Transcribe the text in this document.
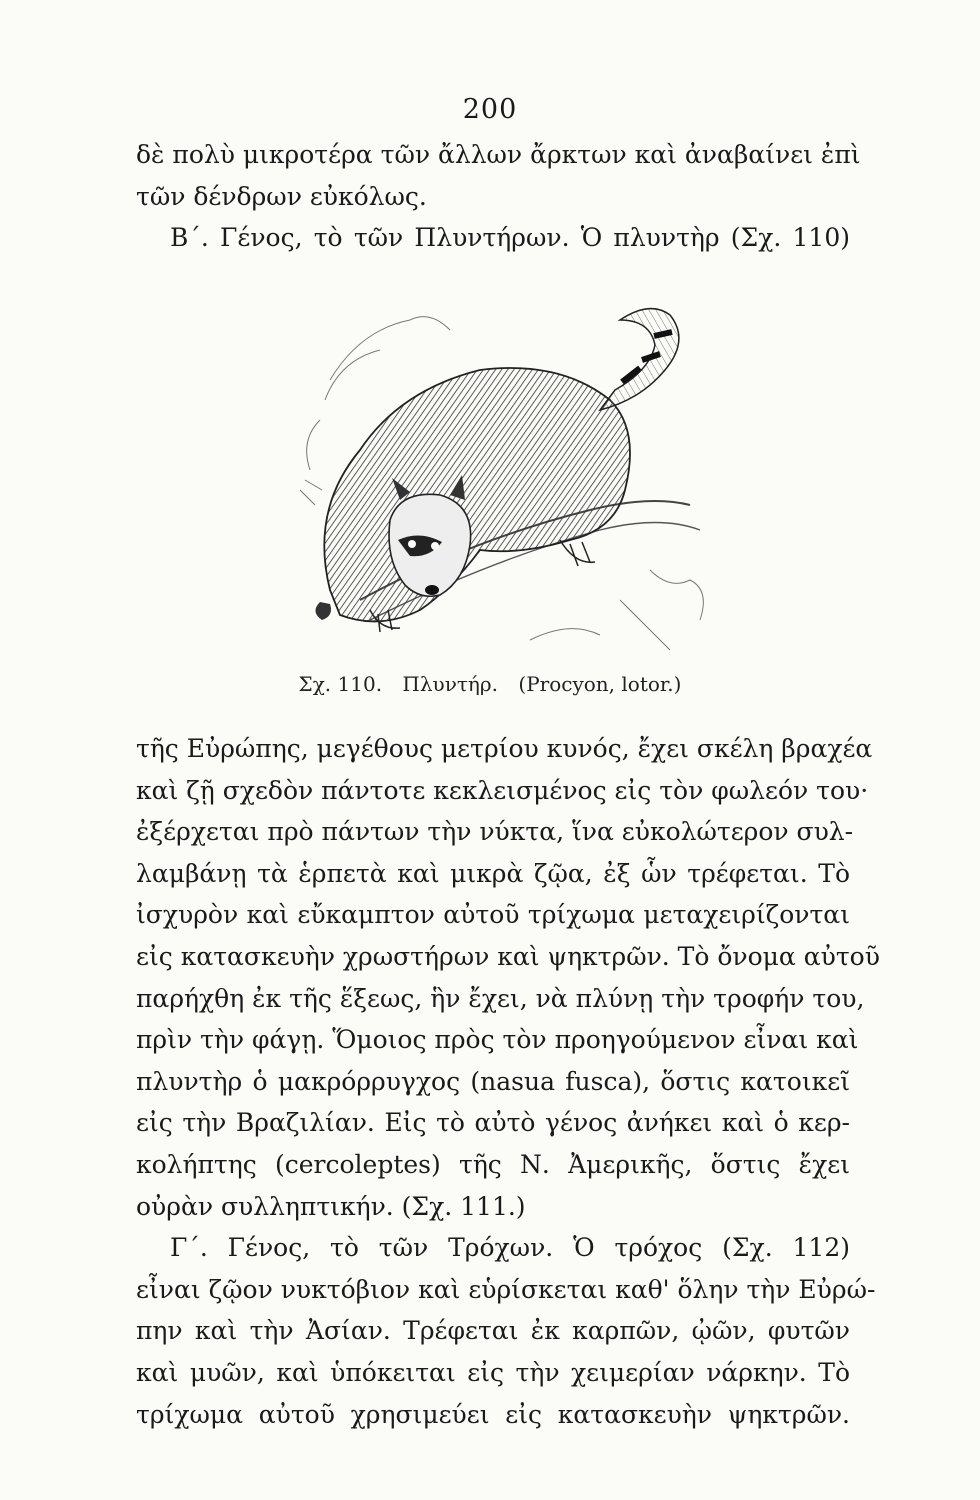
200
δὲ πολὺ μικροτέρα τῶν ἄλλων ἄρκτων καὶ ἀναβαίνει ἐπὶ
τῶν δένδρων εὐκόλως.
Β΄. Γένος, τὸ τῶν Πλυντήρων. Ὁ πλυντὴρ (Σχ. 110)
Σχ. 110. Πλυντήρ. (Procyon, lotor.)
τῆς Εὐρώπης, μεγέθους μετρίου κυνός, ἔχει σκέλη βραχέα
καὶ ζῇ σχεδὸν πάντοτε κεκλεισμένος εἰς τὸν φωλεόν του·
ἐξέρχεται πρὸ πάντων τὴν νύκτα, ἵνα εὐκολώτερον συλ-
λαμβάνῃ τὰ ἑρπετὰ καὶ μικρὰ ζῷα, ἐξ ὧν τρέφεται. Τὸ
ἰσχυρὸν καὶ εὔκαμπτον αὐτοῦ τρίχωμα μεταχειρίζονται
εἰς κατασκευὴν χρωστήρων καὶ ψηκτρῶν. Τὸ ὄνομα αὐτοῦ
παρήχθη ἐκ τῆς ἕξεως, ἣν ἔχει, νὰ πλύνῃ τὴν τροφήν του,
πρὶν τὴν φάγῃ. Ὅμοιος πρὸς τὸν προηγούμενον εἶναι καὶ
πλυντὴρ ὁ μακρόρρυγχος (nasua fusca), ὅστις κατοικεῖ
εἰς τὴν Βραζιλίαν. Εἰς τὸ αὐτὸ γένος ἀνήκει καὶ ὁ κερ-
κολήπτης (cercoleptes) τῆς Ν. Ἀμερικῆς, ὅστις ἔχει
οὐρὰν συλληπτικήν. (Σχ. 111.)
Γ΄. Γένος, τὸ τῶν Τρόχων. Ὁ τρόχος (Σχ. 112)
εἶναι ζῷον νυκτόβιον καὶ εὑρίσκεται καθ' ὅλην τὴν Εὐρώ-
πην καὶ τὴν Ἀσίαν. Τρέφεται ἐκ καρπῶν, ᾠῶν, φυτῶν
καὶ μυῶν, καὶ ὑπόκειται εἰς τὴν χειμερίαν νάρκην. Τὸ
τρίχωμα αὐτοῦ χρησιμεύει εἰς κατασκευὴν ψηκτρῶν.
